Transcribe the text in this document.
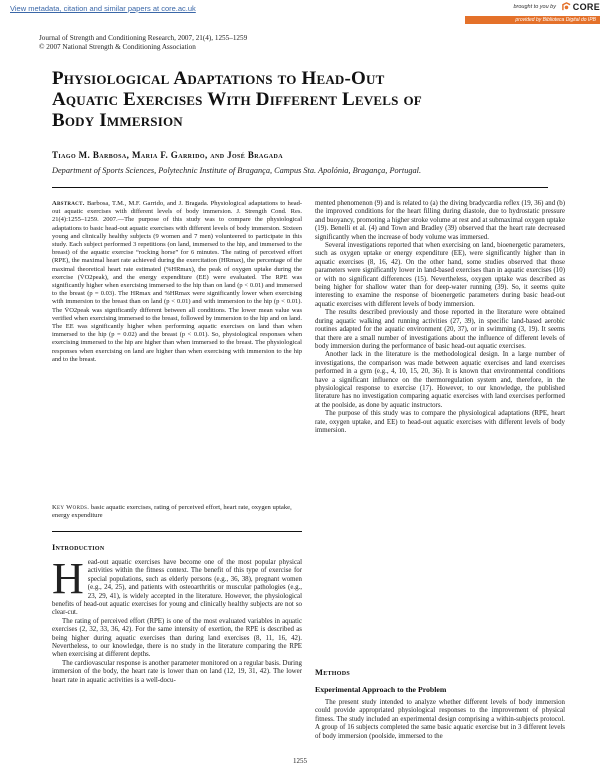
View metadata, citation and similar papers at core.ac.uk	brought to you by	CORE
provided by Biblioteca Digital do IPB
Journal of Strength and Conditioning Research, 2007, 21(4), 1255–1259
© 2007 National Strength & Conditioning Association
Physiological Adaptations to Head-Out
Aquatic Exercises With Different Levels of
Body Immersion
Tiago M. Barbosa, Maria F. Garrido, and José Bragada
Department of Sports Sciences, Polytechnic Institute of Bragança, Campus Sta. Apolónia, Bragança, Portugal.

Abstract. Barbosa, T.M., M.F. Garrido, and J. Bragada. Physiological adaptations to head-out aquatic exercises with different levels of body immersion. J. Strength Cond. Res. 21(4):1255–1259. 2007.—The purpose of this study was to compare the physiological adaptations to basic head-out aquatic exercises with different levels of body immersion. Sixteen young and clinically healthy subjects (9 women and 7 men) volunteered to participate in this study. Each subject performed 3 repetitions (on land, immersed to the hip, and immersed to the breast) of the aquatic exercise “rocking horse” for 6 minutes. The rating of perceived effort (RPE), the maximal heart rate achieved during the exercitation (HRmax), the percentage of the maximal theoretical heart rate estimated (%HRmax), the peak of oxygen uptake during the exercise (V̇O2peak), and the energy expenditure (EE) were evaluated. The RPE was significantly higher when exercising immersed to the hip than on land (p < 0.01) and immersed to the breast (p = 0.03). The HRmax and %HRmax were significantly lower when exercising with immersion to the breast than on land (p < 0.01) and with immersion to the hip (p < 0.01). The V̇O2peak was significantly different between all conditions. The lower mean value was verified when exercising immersed to the breast, followed by immersion to the hip and on land. The EE was significantly higher when performing aquatic exercises on land than when immersed to the hip (p = 0.02) and the breast (p < 0.01). So, physiological responses when exercising immersed to the hip are higher than when immersed to the breast. The physiological responses when exercising on land are higher than when exercising with immersion to the hip and to the breast.

Key Words. basic aquatic exercises, rating of perceived effort, heart rate, oxygen uptake, energy expenditure
Introduction

Head-out aquatic exercises have become one of the most popular physical activities within the fitness context. The benefit of this type of exercise for special populations, such as elderly persons (e.g., 36, 38), pregnant women (e.g., 24, 25), and patients with osteoarthritis or muscular pathologies (e.g., 23, 29, 41), is widely accepted in the literature. However, the physiological benefits of head-out aquatic exercises for young and clinically healthy subjects are not so clear-cut.

The rating of perceived effort (RPE) is one of the most evaluated variables in aquatic exercises (2, 32, 33, 36, 42). For the same intensity of exertion, the RPE is described as being higher during aquatic exercises than during land exercises (8, 11, 16, 42). Nevertheless, to our knowledge, there is no study in the literature comparing the RPE when exercising at different depths.

The cardiovascular response is another parameter monitored on a regular basis. During immersion of the body, the heart rate is lower than on land (12, 19, 31, 42). The lower heart rate in aquatic activities is a well-docu-

mented phenomenon (9) and is related to (a) the diving bradycardia reflex (19, 36) and (b) the improved conditions for the heart filling during diastole, due to hydrostatic pressure and buoyancy, promoting a higher stroke volume at rest and at submaximal oxygen uptake (19). Benelli et al. (4) and Town and Bradley (39) observed that the heart rate decreased significantly when the increase of body volume was immersed.

Several investigations reported that when exercising on land, bioenergetic parameters, such as oxygen uptake or energy expenditure (EE), were significantly higher than in aquatic exercises (8, 16, 42). On the other hand, some studies observed that those parameters were significantly lower in land-based exercises than in aquatic exercises (10) or with no significant differences (15). Nevertheless, oxygen uptake was described as being higher for shallow water than for deep-water running (39). So, it seems quite interesting to examine the response of bioenergetic parameters during basic head-out aquatic exercises with different levels of body immersion.

The results described previously and those reported in the literature were obtained during aquatic walking and running activities (27, 39), in specific land-based aerobic routines adapted for the aquatic environment (20, 37), or in swimming (3, 19). It seems that there are a small number of investigations about the influence of different levels of body immersion during the performance of basic head-out aquatic exercises.

Another lack in the literature is the methodological design. In a large number of investigations, the comparison was made between aquatic exercises and land exercises performed in a gym (e.g., 4, 10, 15, 20, 36). It is known that environmental conditions have a significant influence on the thermoregulation system and, therefore, in the physiological response to exercise (17). However, to our knowledge, the published literature has no investigation comparing aquatic exercises with land exercises performed at the poolside, as done by aquatic instructors.

The purpose of this study was to compare the physiological adaptations (RPE, heart rate, oxygen uptake, and EE) to head-out aquatic exercises with different levels of body immersion.

Methods
Experimental Approach to the Problem

The present study intended to analyze whether different levels of body immersion could provide appropriated physiological responses to the improvement of physical fitness. The study included an experimental design comprising a within-subjects protocol. A group of 16 subjects completed the same basic aquatic exercise but in 3 different levels of body immersion (poolside, immersed to the

1255
